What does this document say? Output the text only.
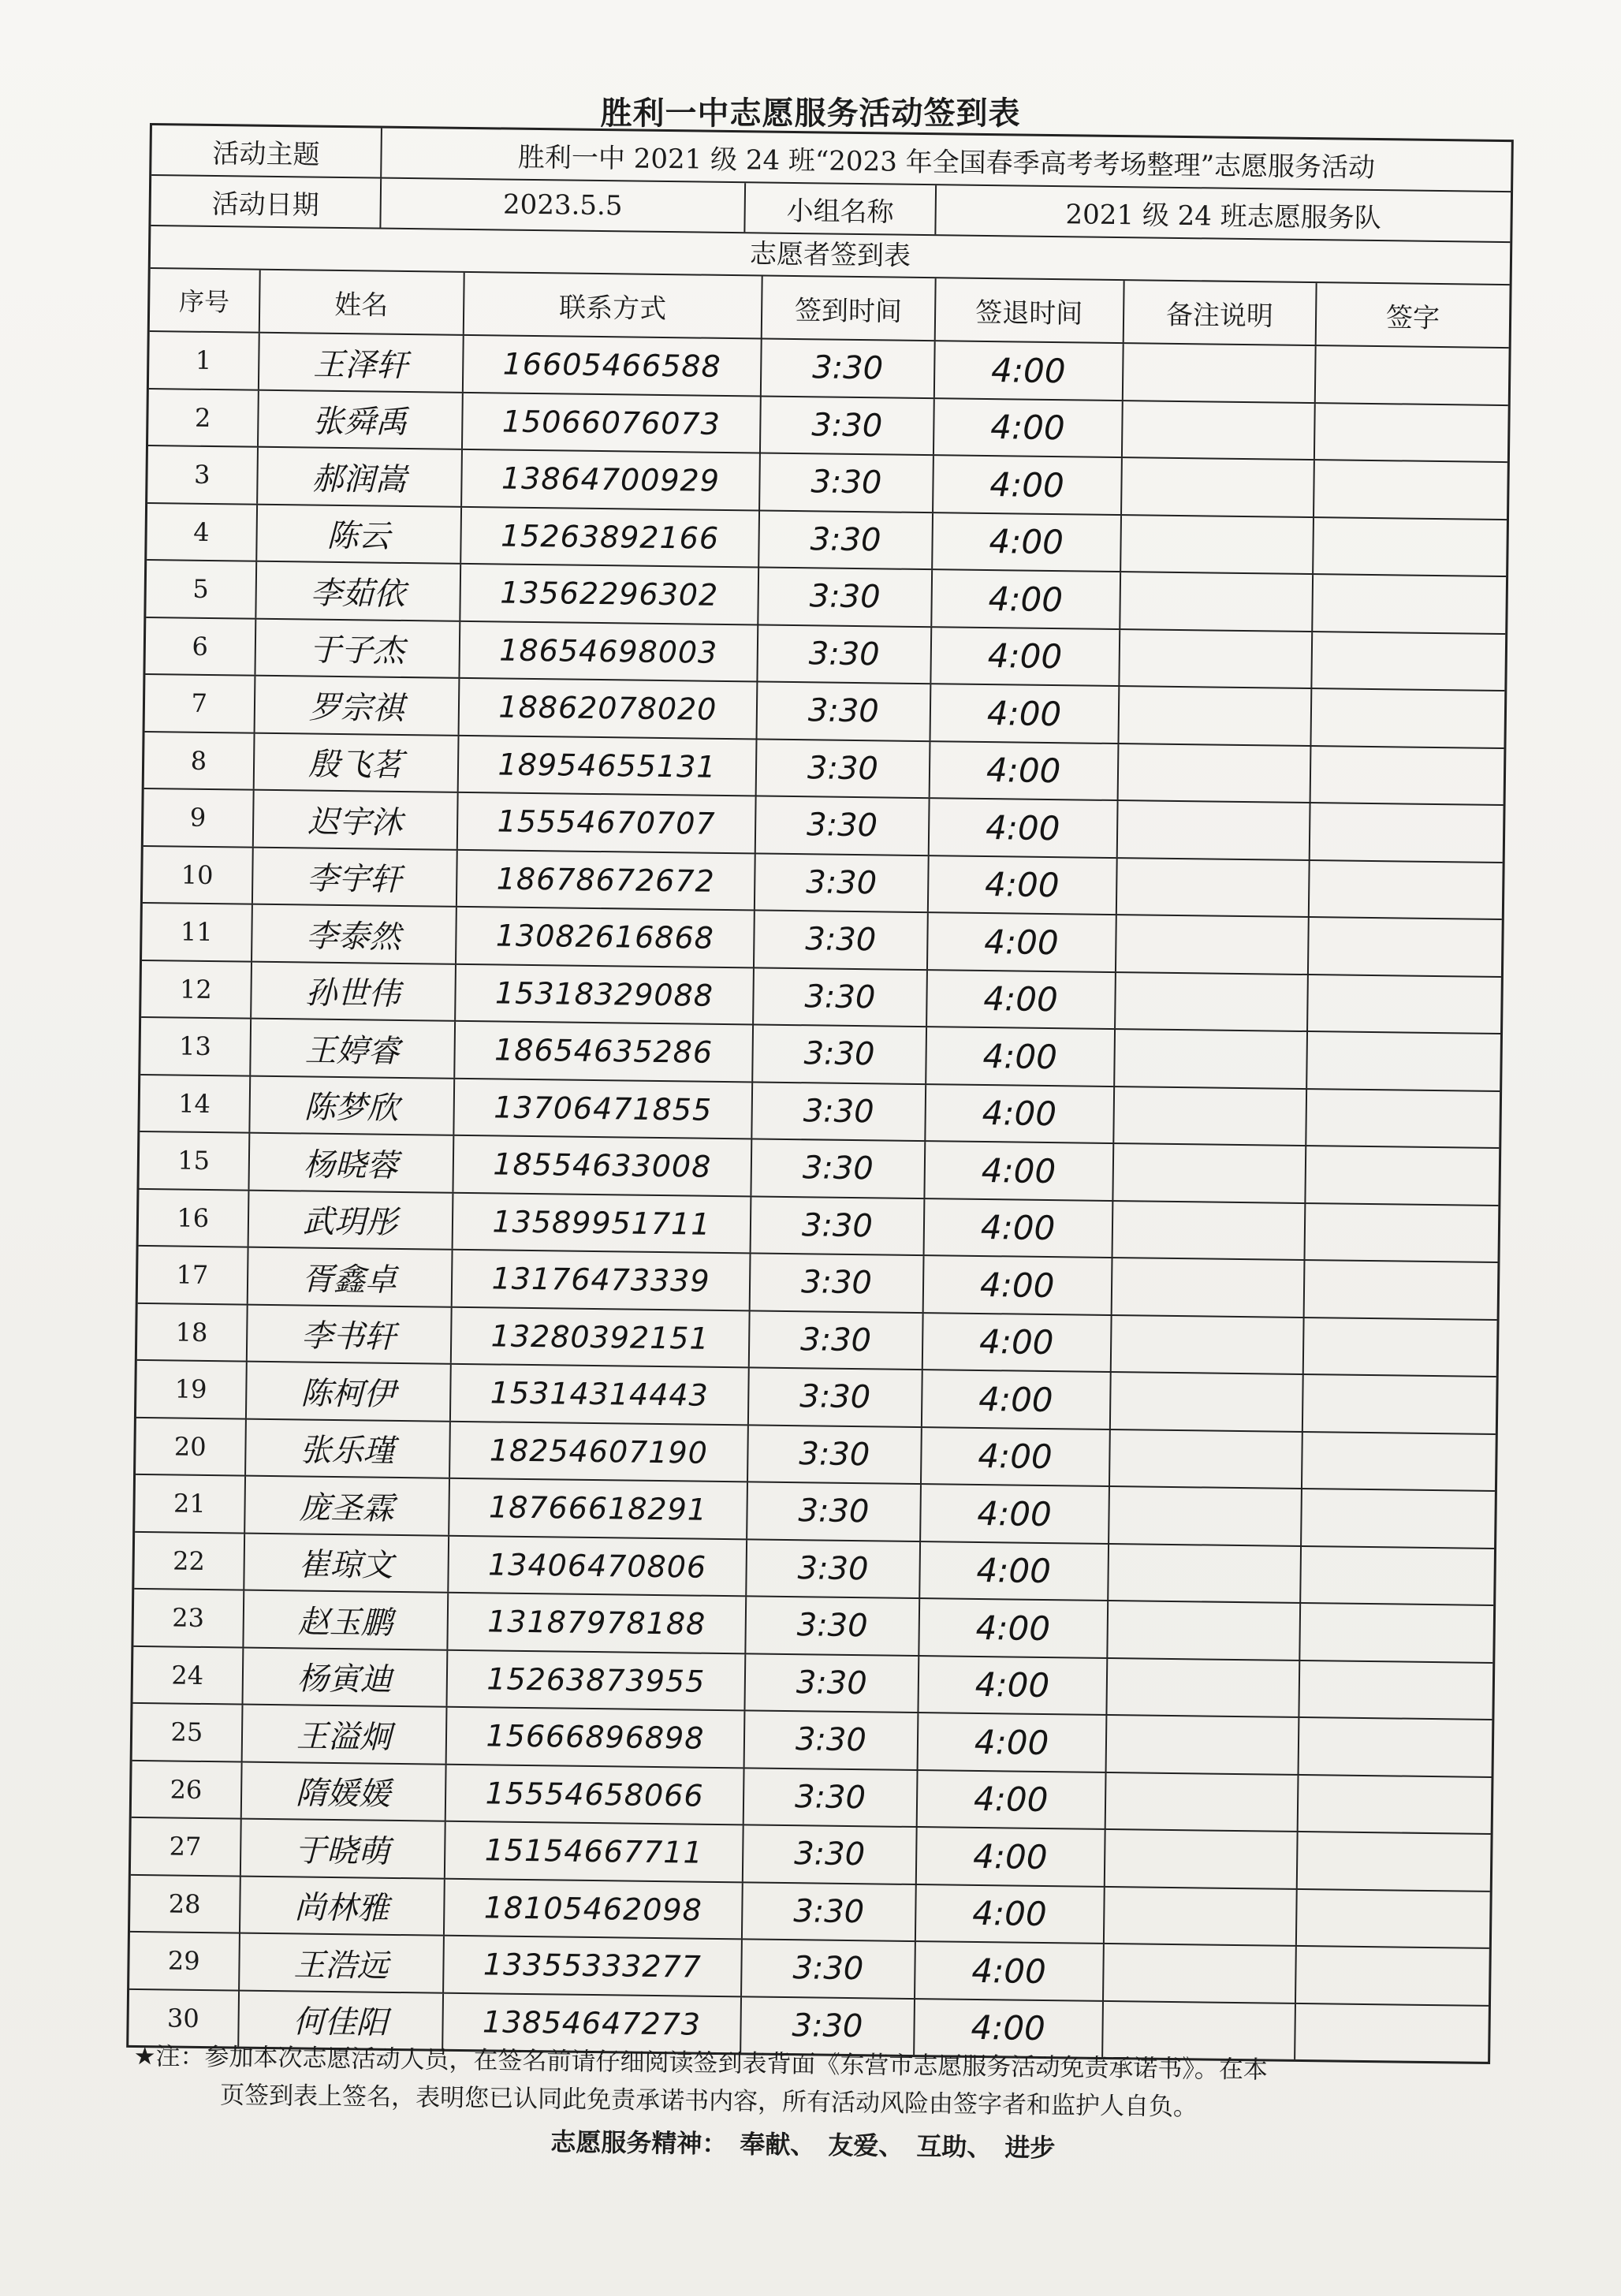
胜利一中志愿服务活动签到表
活动主题	胜利一中 2021 级 24 班“2023 年全国春季高考考场整理”志愿服务活动
活动日期	2023.5.5	小组名称	2021 级 24 班志愿服务队
志愿者签到表
序号	姓名	联系方式	签到时间	签退时间	备注说明	签字
1	王泽轩	16605466588	3:30	4:00
2	张舜禹	15066076073	3:30	4:00
3	郝润嵩	13864700929	3:30	4:00
4	陈云	15263892166	3:30	4:00
5	李茹依	13562296302	3:30	4:00
6	于子杰	18654698003	3:30	4:00
7	罗宗祺	18862078020	3:30	4:00
8	殷飞茗	18954655131	3:30	4:00
9	迟宇沐	15554670707	3:30	4:00
10	李宇轩	18678672672	3:30	4:00
11	李泰然	13082616868	3:30	4:00
12	孙世伟	15318329088	3:30	4:00
13	王婷睿	18654635286	3:30	4:00
14	陈梦欣	13706471855	3:30	4:00
15	杨晓蓉	18554633008	3:30	4:00
16	武玥彤	13589951711	3:30	4:00
17	胥鑫卓	13176473339	3:30	4:00
18	李书轩	13280392151	3:30	4:00
19	陈柯伊	15314314443	3:30	4:00
20	张乐瑾	18254607190	3:30	4:00
21	庞圣霖	18766618291	3:30	4:00
22	崔琼文	13406470806	3:30	4:00
23	赵玉鹏	13187978188	3:30	4:00
24	杨寅迪	15263873955	3:30	4:00
25	王溢炯	15666896898	3:30	4:00
26	隋媛媛	15554658066	3:30	4:00
27	于晓萌	15154667711	3:30	4:00
28	尚林雅	18105462098	3:30	4:00
29	王浩远	13355333277	3:30	4:00
30	何佳阳	13854647273	3:30	4:00
★注：参加本次志愿活动人员，在签名前请仔细阅读签到表背面《东营市志愿服务活动免责承诺书》。在本
页签到表上签名，表明您已认同此免责承诺书内容，所有活动风险由签字者和监护人自负。
志愿服务精神：　奉献、　友爱、　互助、　进步
